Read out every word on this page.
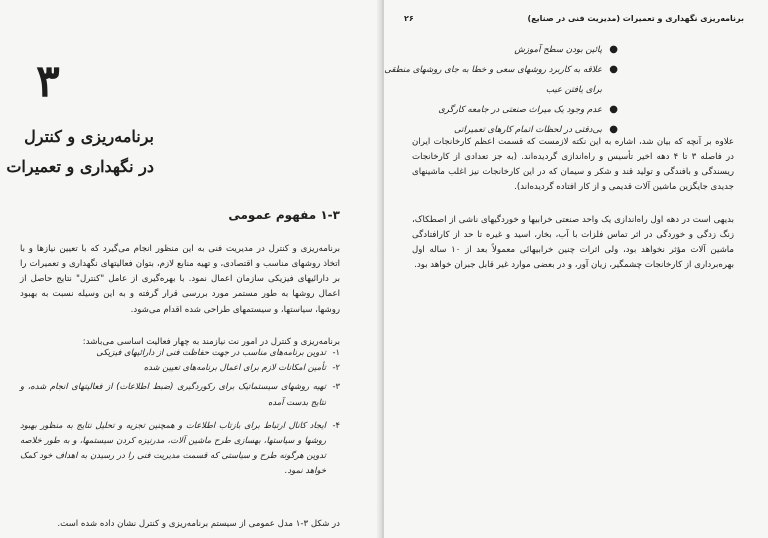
۳
برنامه‌ریزی و کنترل
در نگهداری و تعمیرات
۱-۳ مفهوم عمومی

برنامه‌ریزی و کنترل در مدیریت فنی به این منظور انجام می‌گیرد که با تعیین نیازها و با اتخاذ روشهای مناسب و اقتصادی، و تهیه منابع لازم، بتوان فعالیتهای نگهداری و تعمیرات را بر دارائیهای فیزیکی سازمان اعمال نمود. با بهره‌گیری از عامل "کنترل" نتایج حاصل از اعمال روشها به طور مستمر مورد بررسی قرار گرفته و به این وسیله نسبت به بهبود روشها، سیاستها، و سیستمهای طراحی شده اقدام می‌شود.

برنامه‌ریزی و کنترل در امور نت نیازمند به چهار فعالیت اساسی می‌باشد:

۱-
تدوین برنامه‌های مناسب در جهت حفاظت فنی از دارائیهای فیزیکی
۲-
تأمین امکانات لازم برای اعمال برنامه‌های تعیین شده
۳-
تهیه روشهای سیستماتیک برای رکوردگیری (ضبط اطلاعات) از فعالیتهای انجام شده، و نتایج بدست آمده
۴-
ایجاد کانال ارتباط برای بازتاب اطلاعات و همچنین تجزیه و تحلیل نتایج به منظور بهبود روشها و سیاستها، بهسازی طرح ماشین آلات، مدرنیزه کردن سیستمها، و به طور خلاصه تدوین هرگونه طرح و سیاستی که قسمت مدیریت فنی را در رسیدن به اهداف خود کمک خواهد نمود.

در شکل ۳-۱ مدل عمومی از سیستم برنامه‌ریزی و کنترل نشان داده شده است.

برنامه‌ریزی نگهداری و تعمیرات (مدیریت فنی در صنایع)
۲۶
●
پائین بودن سطح آموزش
●
علاقه به کاربرد روشهای سعی و خطا به جای روشهای منطقی برای یافتن عیب
●
عدم وجود یک میراث صنعتی در جامعه کارگری
●
بی‌دقتی در لحظات اتمام کارهای تعمیراتی

علاوه بر آنچه که بیان شد، اشاره به این نکته لازمست که قسمت اعظم کارخانجات ایران در فاصله ۳ تا ۴ دهه اخیر تأسیس و راه‌اندازی گردیده‌اند. (به جز تعدادی از کارخانجات ریسندگی و بافندگی و تولید قند و شکر و سیمان که در این کارخانجات نیز اغلب ماشینهای جدیدی جایگزین ماشین آلات قدیمی و از کار افتاده گردیده‌اند).

بدیهی است در دهه اول راه‌اندازی یک واحد صنعتی خرابیها و خوردگیهای ناشی از اصطکاک، زنگ زدگی و خوردگی در اثر تماس فلزات با آب، بخار، اسید و غیره تا حد از کارافتادگی ماشین آلات مؤثر نخواهد بود، ولی اثرات چنین خرابیهائی معمولاً بعد از ۱۰ ساله اول بهره‌برداری از کارخانجات چشمگیر، زیان آور، و در بعضی موارد غیر قابل جبران خواهد بود.
